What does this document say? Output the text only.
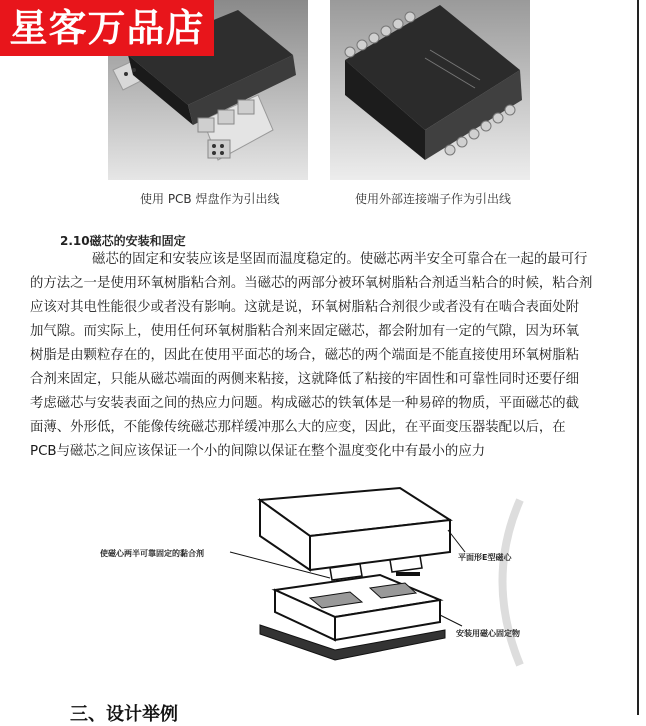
星客万品店
使用 PCB 焊盘作为引出线	使用外部连接端子作为引出线
2.10磁芯的安装和固定
磁芯的固定和安装应该是坚固而温度稳定的。使磁芯两半安全可靠合在一起的最可行
的方法之一是使用环氧树脂粘合剂。当磁芯的两部分被环氧树脂粘合剂适当粘合的时候，粘合剂
应该对其电性能很少或者没有影响。这就是说，环氧树脂粘合剂很少或者没有在啮合表面处附
加气隙。而实际上，使用任何环氧树脂粘合剂来固定磁芯，都会附加有一定的气隙，因为环氧
树脂是由颗粒存在的，因此在使用平面芯的场合，磁芯的两个端面是不能直接使用环氧树脂粘
合剂来固定，只能从磁芯端面的两侧来粘接，这就降低了粘接的牢固性和可靠性同时还要仔细
考虑磁芯与安装表面之间的热应力问题。构成磁芯的铁氧体是一种易碎的物质，平面磁芯的截
面薄、外形低，不能像传统磁芯那样缓冲那么大的应变，因此，在平面变压器装配以后，在
PCB与磁芯之间应该保证一个小的间隙以保证在整个温度变化中有最小的应力
使磁心两半可靠固定的黏合剂	平面形E型磁心
安装用磁心固定物
三、设计举例
